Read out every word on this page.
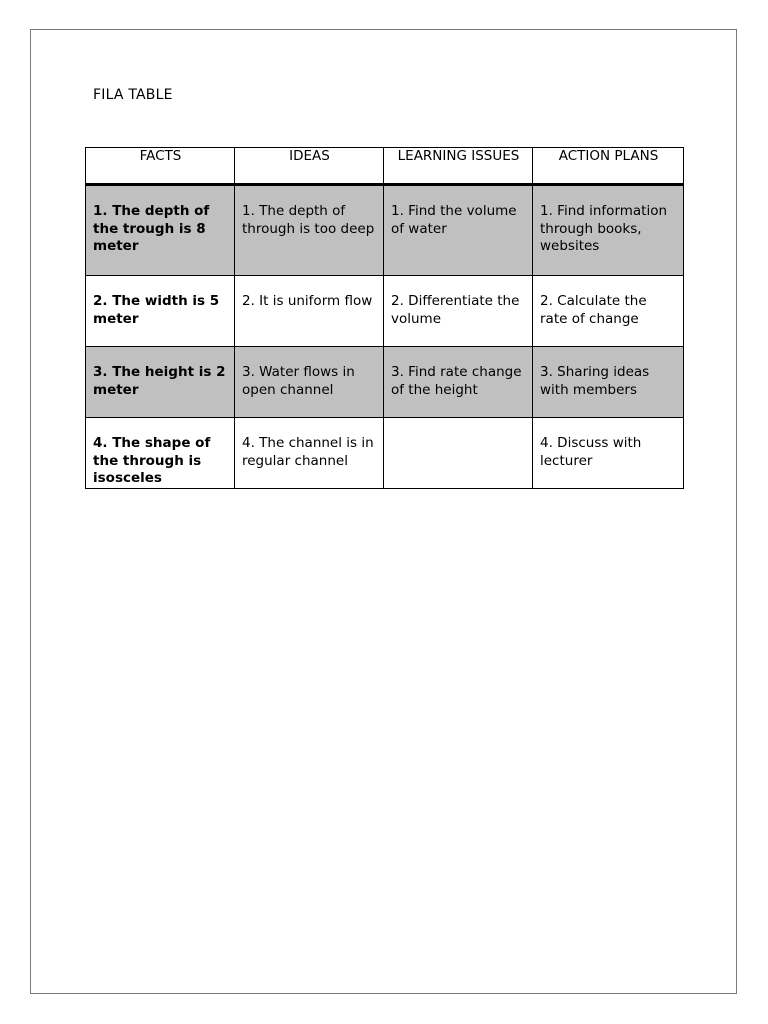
FILA TABLE
FACTS	IDEAS	LEARNING ISSUES	ACTION PLANS
1. The depth of the trough is 8 meter	1. The depth of through is too deep	1. Find the volume of water	1. Find information through books, websites
2. The width is 5 meter	2. It is uniform flow	2. Differentiate the volume	2. Calculate the rate of change
3. The height is 2 meter	3. Water flows in open channel	3. Find rate change of the height	3. Sharing ideas with members
4. The shape of the through is isosceles	4. The channel is in regular channel		4. Discuss with lecturer
